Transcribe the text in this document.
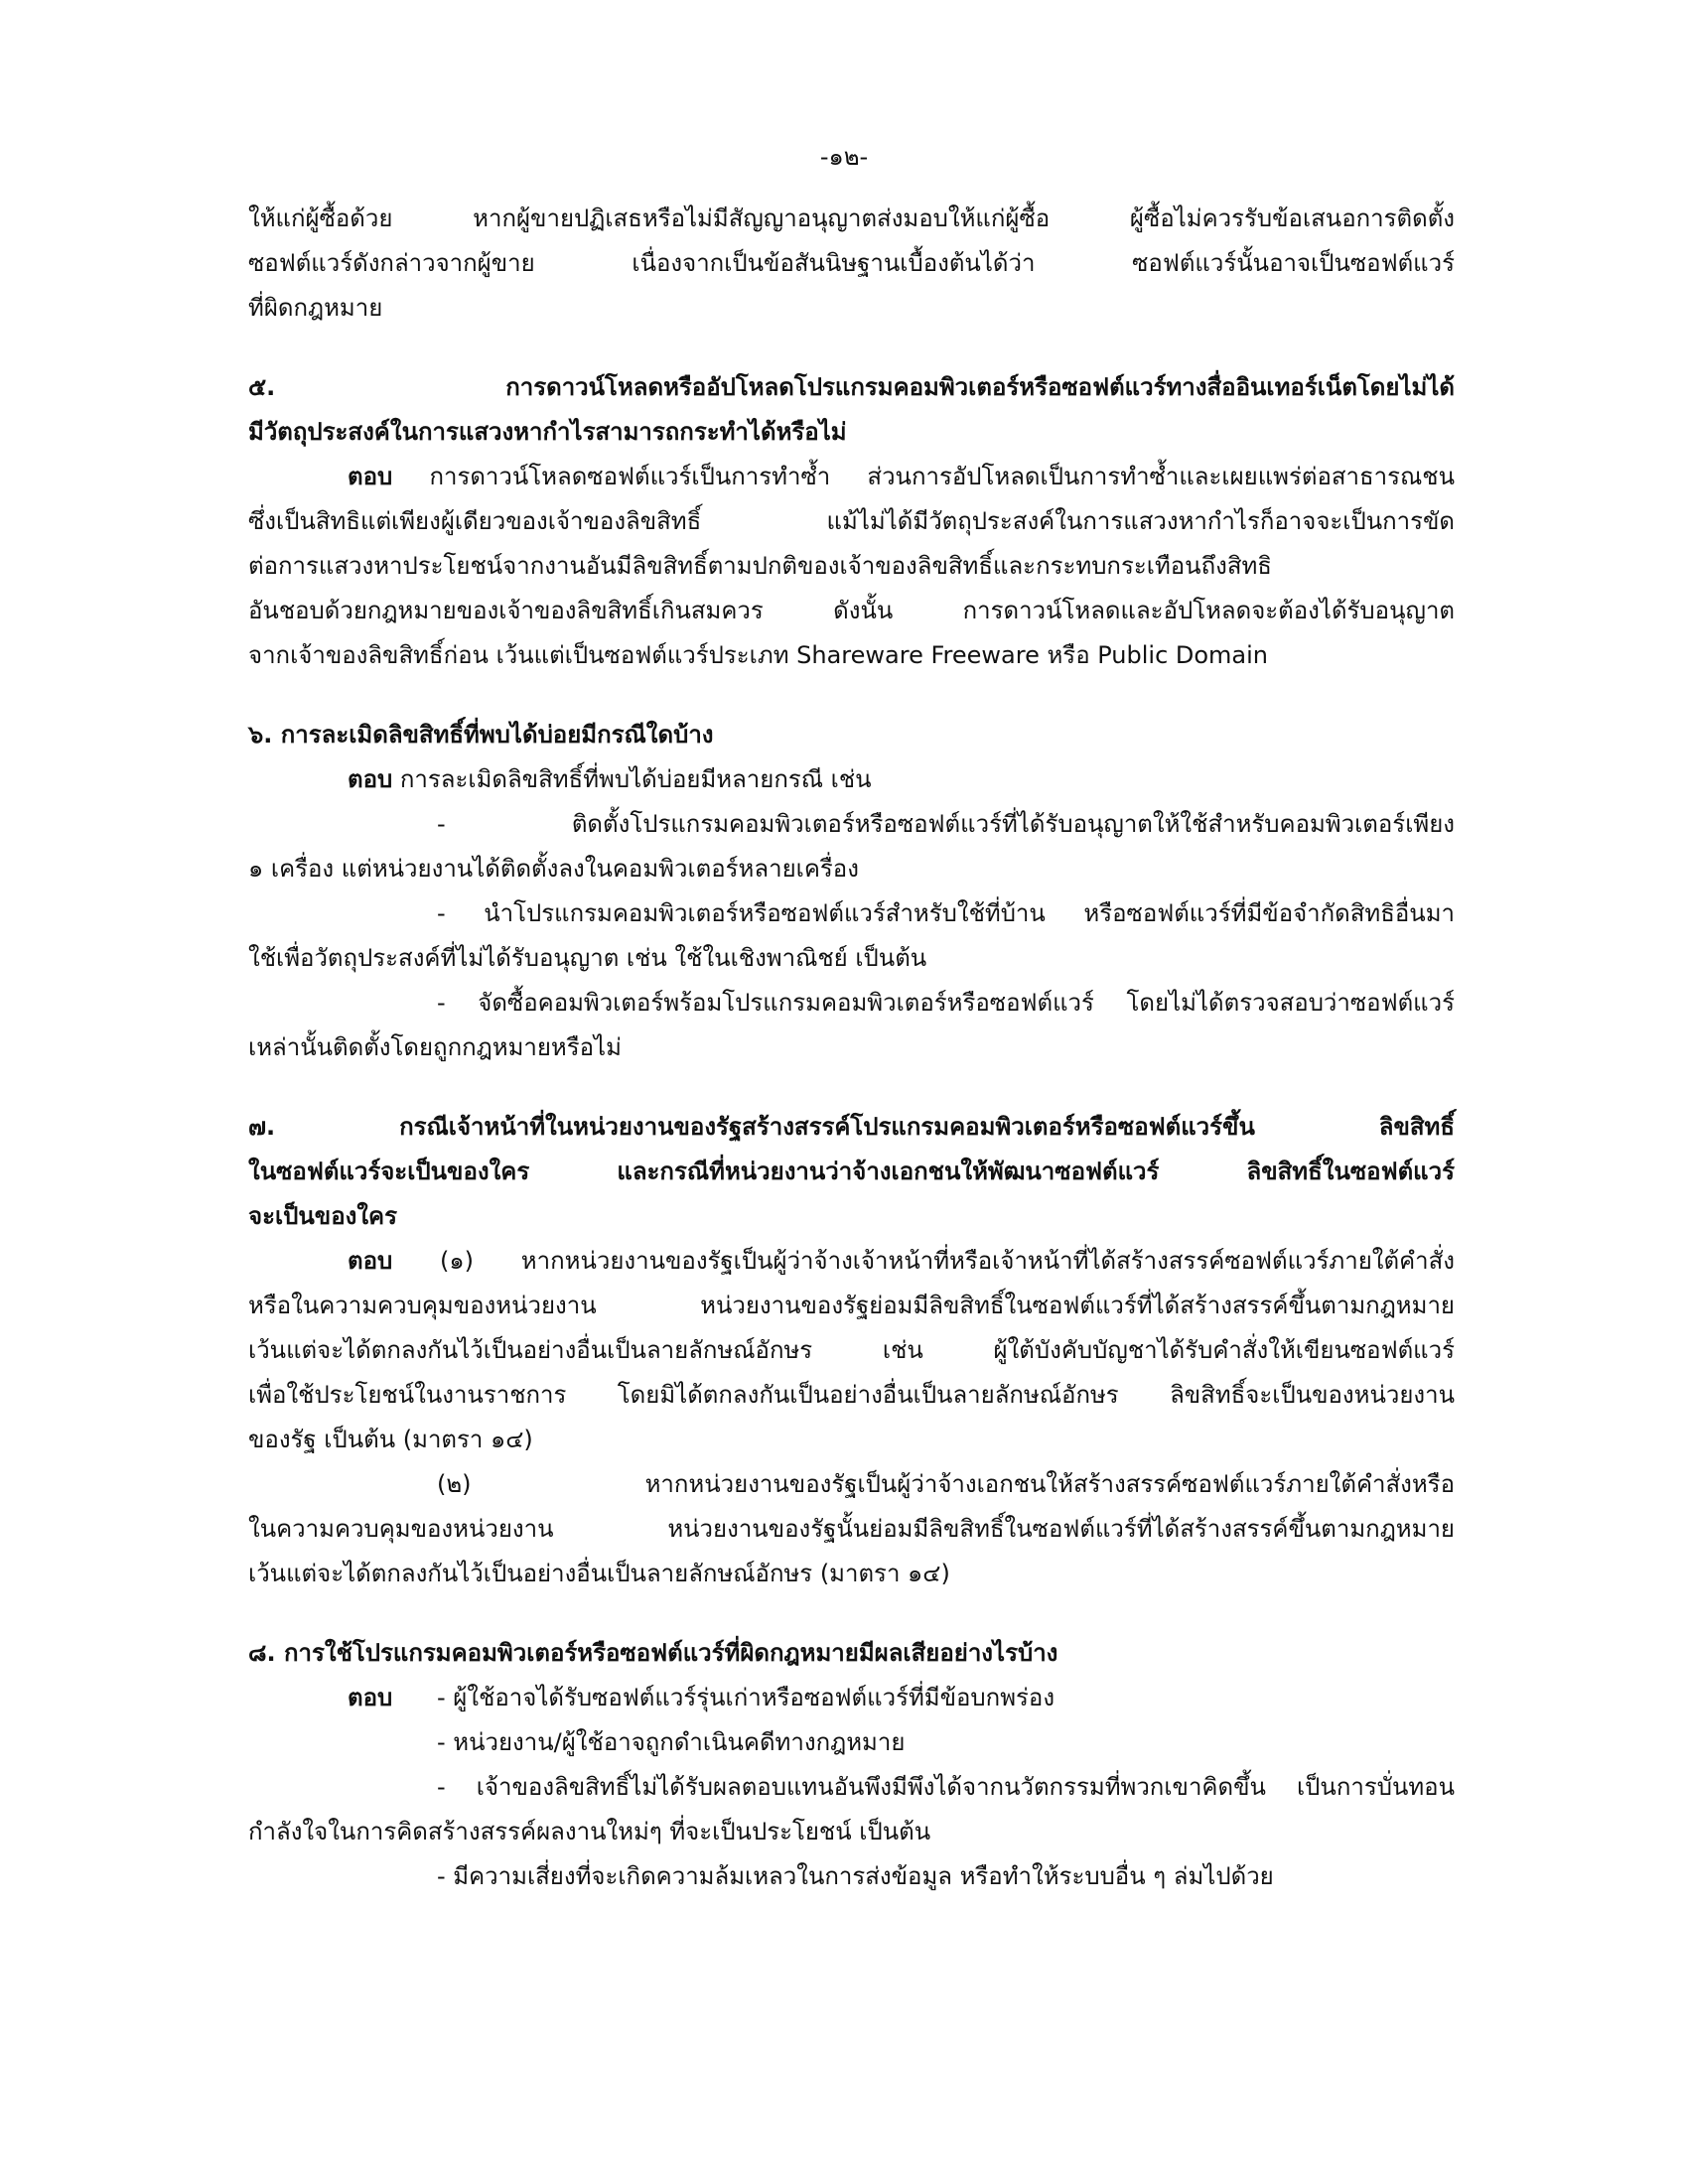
-๑๒-
ให้แก่ผู้ซื้อด้วย หากผู้ขายปฏิเสธหรือไม่มีสัญญาอนุญาตส่งมอบให้แก่ผู้ซื้อ ผู้ซื้อไม่ควรรับข้อเสนอการติดตั้ง
ซอฟต์แวร์ดังกล่าวจากผู้ขาย เนื่องจากเป็นข้อสันนิษฐานเบื้องต้นได้ว่า ซอฟต์แวร์นั้นอาจเป็นซอฟต์แวร์
ที่ผิดกฎหมาย
๕. การดาวน์โหลดหรืออัปโหลดโปรแกรมคอมพิวเตอร์หรือซอฟต์แวร์ทางสื่ออินเทอร์เน็ตโดยไม่ได้
มีวัตถุประสงค์ในการแสวงหากำไรสามารถกระทำได้หรือไม่
ตอบ การดาวน์โหลดซอฟต์แวร์เป็นการทำซ้ำ ส่วนการอัปโหลดเป็นการทำซ้ำและเผยแพร่ต่อสาธารณชน
ซึ่งเป็นสิทธิแต่เพียงผู้เดียวของเจ้าของลิขสิทธิ์ แม้ไม่ได้มีวัตถุประสงค์ในการแสวงหากำไรก็อาจจะเป็นการขัด
ต่อการแสวงหาประโยชน์จากงานอันมีลิขสิทธิ์ตามปกติของเจ้าของลิขสิทธิ์และกระทบกระเทือนถึงสิทธิ
อันชอบด้วยกฎหมายของเจ้าของลิขสิทธิ์เกินสมควร ดังนั้น การดาวน์โหลดและอัปโหลดจะต้องได้รับอนุญาต
จากเจ้าของลิขสิทธิ์ก่อน เว้นแต่เป็นซอฟต์แวร์ประเภท Shareware Freeware หรือ Public Domain
๖. การละเมิดลิขสิทธิ์ที่พบได้บ่อยมีกรณีใดบ้าง
ตอบ การละเมิดลิขสิทธิ์ที่พบได้บ่อยมีหลายกรณี เช่น
- ติดตั้งโปรแกรมคอมพิวเตอร์หรือซอฟต์แวร์ที่ได้รับอนุญาตให้ใช้สำหรับคอมพิวเตอร์เพียง
๑ เครื่อง แต่หน่วยงานได้ติดตั้งลงในคอมพิวเตอร์หลายเครื่อง
- นำโปรแกรมคอมพิวเตอร์หรือซอฟต์แวร์สำหรับใช้ที่บ้าน หรือซอฟต์แวร์ที่มีข้อจำกัดสิทธิอื่นมา
ใช้เพื่อวัตถุประสงค์ที่ไม่ได้รับอนุญาต เช่น ใช้ในเชิงพาณิชย์ เป็นต้น
- จัดซื้อคอมพิวเตอร์พร้อมโปรแกรมคอมพิวเตอร์หรือซอฟต์แวร์ โดยไม่ได้ตรวจสอบว่าซอฟต์แวร์
เหล่านั้นติดตั้งโดยถูกกฎหมายหรือไม่
๗. กรณีเจ้าหน้าที่ในหน่วยงานของรัฐสร้างสรรค์โปรแกรมคอมพิวเตอร์หรือซอฟต์แวร์ขึ้น ลิขสิทธิ์
ในซอฟต์แวร์จะเป็นของใคร และกรณีที่หน่วยงานว่าจ้างเอกชนให้พัฒนาซอฟต์แวร์ ลิขสิทธิ์ในซอฟต์แวร์
จะเป็นของใคร
ตอบ (๑) หากหน่วยงานของรัฐเป็นผู้ว่าจ้างเจ้าหน้าที่หรือเจ้าหน้าที่ได้สร้างสรรค์ซอฟต์แวร์ภายใต้คำสั่ง
หรือในความควบคุมของหน่วยงาน หน่วยงานของรัฐย่อมมีลิขสิทธิ์ในซอฟต์แวร์ที่ได้สร้างสรรค์ขึ้นตามกฎหมาย
เว้นแต่จะได้ตกลงกันไว้เป็นอย่างอื่นเป็นลายลักษณ์อักษร เช่น ผู้ใต้บังคับบัญชาได้รับคำสั่งให้เขียนซอฟต์แวร์
เพื่อใช้ประโยชน์ในงานราชการ โดยมิได้ตกลงกันเป็นอย่างอื่นเป็นลายลักษณ์อักษร ลิขสิทธิ์จะเป็นของหน่วยงาน
ของรัฐ เป็นต้น (มาตรา ๑๔)
(๒) หากหน่วยงานของรัฐเป็นผู้ว่าจ้างเอกชนให้สร้างสรรค์ซอฟต์แวร์ภายใต้คำสั่งหรือ
ในความควบคุมของหน่วยงาน หน่วยงานของรัฐนั้นย่อมมีลิขสิทธิ์ในซอฟต์แวร์ที่ได้สร้างสรรค์ขึ้นตามกฎหมาย
เว้นแต่จะได้ตกลงกันไว้เป็นอย่างอื่นเป็นลายลักษณ์อักษร (มาตรา ๑๔)
๘. การใช้โปรแกรมคอมพิวเตอร์หรือซอฟต์แวร์ที่ผิดกฎหมายมีผลเสียอย่างไรบ้าง
ตอบ	- ผู้ใช้อาจได้รับซอฟต์แวร์รุ่นเก่าหรือซอฟต์แวร์ที่มีข้อบกพร่อง
- หน่วยงาน/ผู้ใช้อาจถูกดำเนินคดีทางกฎหมาย
- เจ้าของลิขสิทธิ์ไม่ได้รับผลตอบแทนอันพึงมีพึงได้จากนวัตกรรมที่พวกเขาคิดขึ้น เป็นการบั่นทอน
กำลังใจในการคิดสร้างสรรค์ผลงานใหม่ๆ ที่จะเป็นประโยชน์ เป็นต้น
- มีความเสี่ยงที่จะเกิดความล้มเหลวในการส่งข้อมูล หรือทำให้ระบบอื่น ๆ ล่มไปด้วย
